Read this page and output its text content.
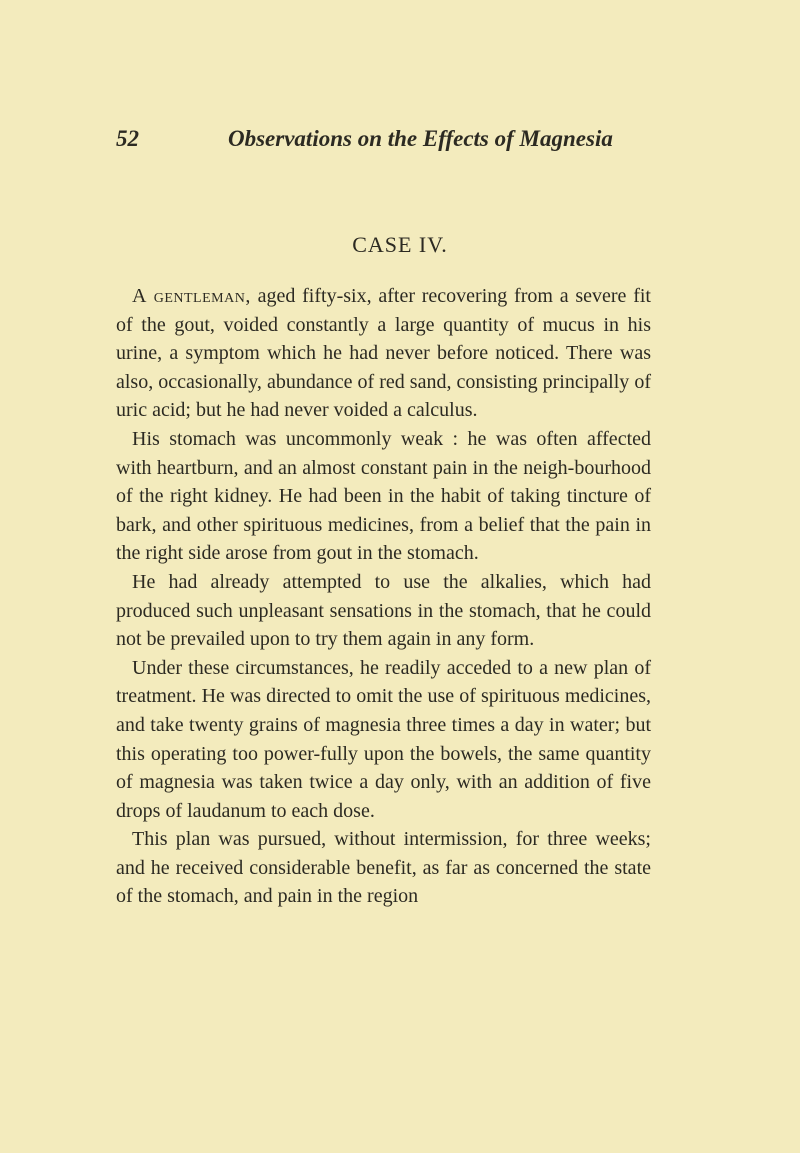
52	Observations on the Effects of Magnesia
CASE IV.

A gentleman, aged fifty-six, after recovering from a severe fit of the gout, voided constantly a large quantity of mucus in his urine, a symptom which he had never before noticed. There was also, occasionally, abundance of red sand, consisting principally of uric acid; but he had never voided a calculus.

His stomach was uncommonly weak : he was often affected with heartburn, and an almost constant pain in the neigh-bourhood of the right kidney. He had been in the habit of taking tincture of bark, and other spirituous medicines, from a belief that the pain in the right side arose from gout in the stomach.

He had already attempted to use the alkalies, which had produced such unpleasant sensations in the stomach, that he could not be prevailed upon to try them again in any form.

Under these circumstances, he readily acceded to a new plan of treatment. He was directed to omit the use of spirituous medicines, and take twenty grains of magnesia three times a day in water; but this operating too power-fully upon the bowels, the same quantity of magnesia was taken twice a day only, with an addition of five drops of laudanum to each dose.

This plan was pursued, without intermission, for three weeks; and he received considerable benefit, as far as concerned the state of the stomach, and pain in the region
